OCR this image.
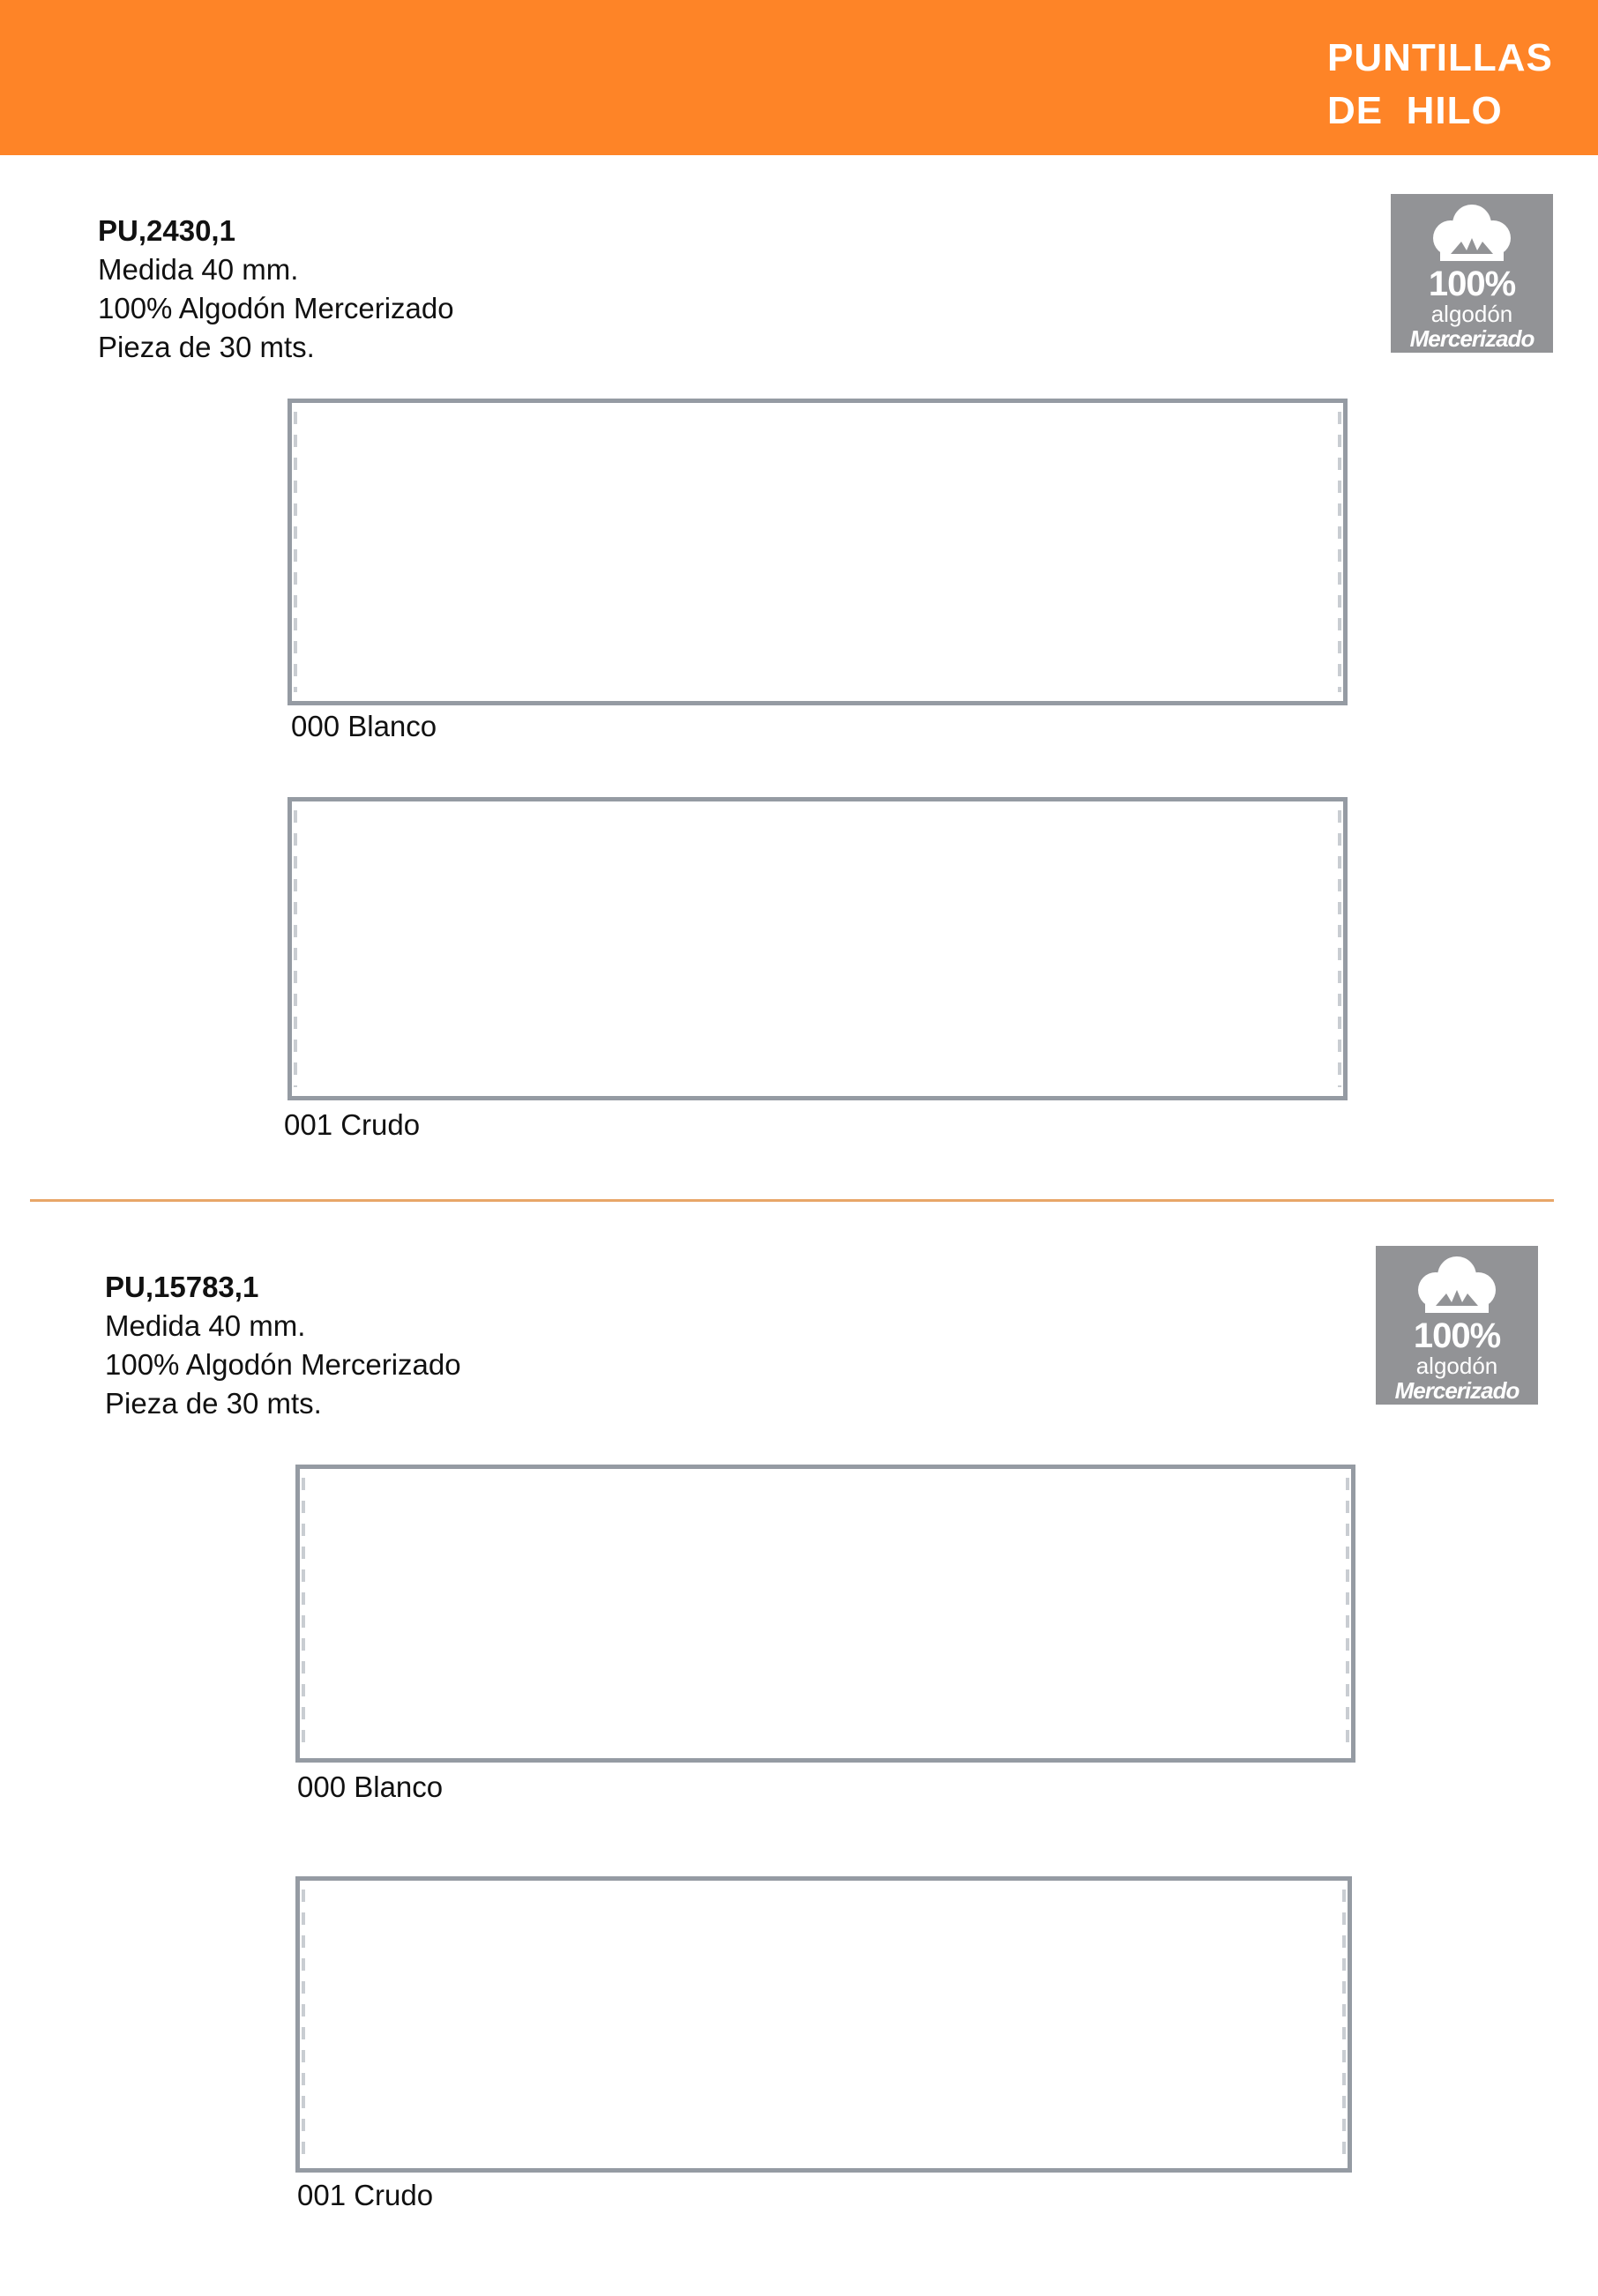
PUNTILLAS
DE  HILO
PU,2430,1
Medida 40 mm.
100% Algodón Mercerizado
Pieza de 30 mts.
100%
algodón
Mercerizado
000 Blanco
001 Crudo
PU,15783,1
Medida 40 mm.
100% Algodón Mercerizado
Pieza de 30 mts.
100%
algodón
Mercerizado
000 Blanco
001 Crudo
